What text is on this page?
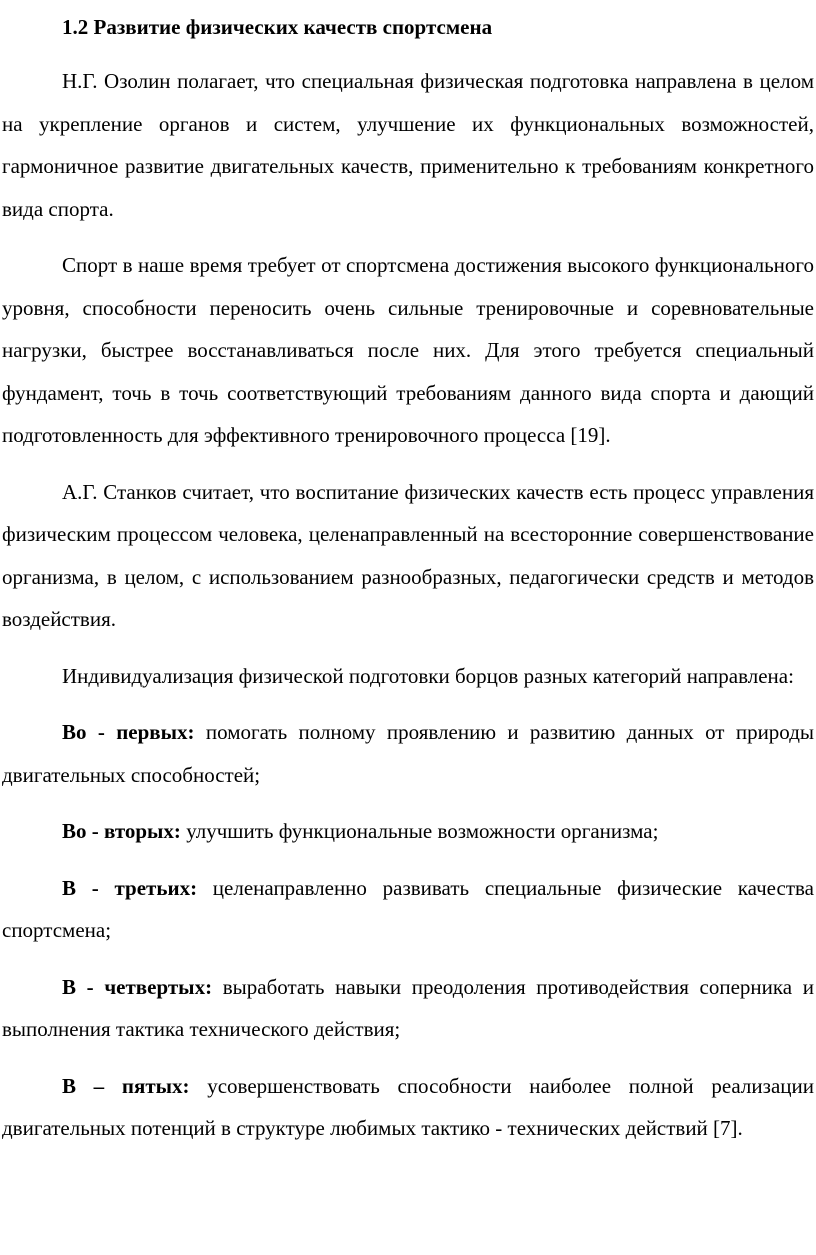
1.2 Развитие физических качеств спортсмена

Н.Г. Озолин полагает, что специальная физическая подготовка направлена в целом на укрепление органов и систем, улучшение их функциональных возможностей, гармоничное развитие двигательных качеств, применительно к требованиям конкретного вида спорта.

Спорт в наше время требует от спортсмена достижения высокого функционального уровня, способности переносить очень сильные тренировочные и соревновательные нагрузки, быстрее восстанавливаться после них. Для этого требуется специальный фундамент, точь в точь соответствующий требованиям данного вида спорта и дающий подготовленность для эффективного тренировочного процесса [19].

А.Г. Станков считает, что воспитание физических качеств есть процесс управления физическим процессом человека, целенаправленный на всесторонние совершенствование организма, в целом, с использованием разнообразных, педагогически средств и методов воздействия.

Индивидуализация физической подготовки борцов разных категорий направлена:

Во - первых: помогать полному проявлению и развитию данных от природы двигательных способностей;

Во - вторых: улучшить функциональные возможности организма;

В - третьих: целенаправленно развивать специальные физические качества спортсмена;

В - четвертых: выработать навыки преодоления противодействия соперника и выполнения тактика технического действия;

В – пятых: усовершенствовать способности наиболее полной реализации двигательных потенций в структуре любимых тактико - технических действий [7].
